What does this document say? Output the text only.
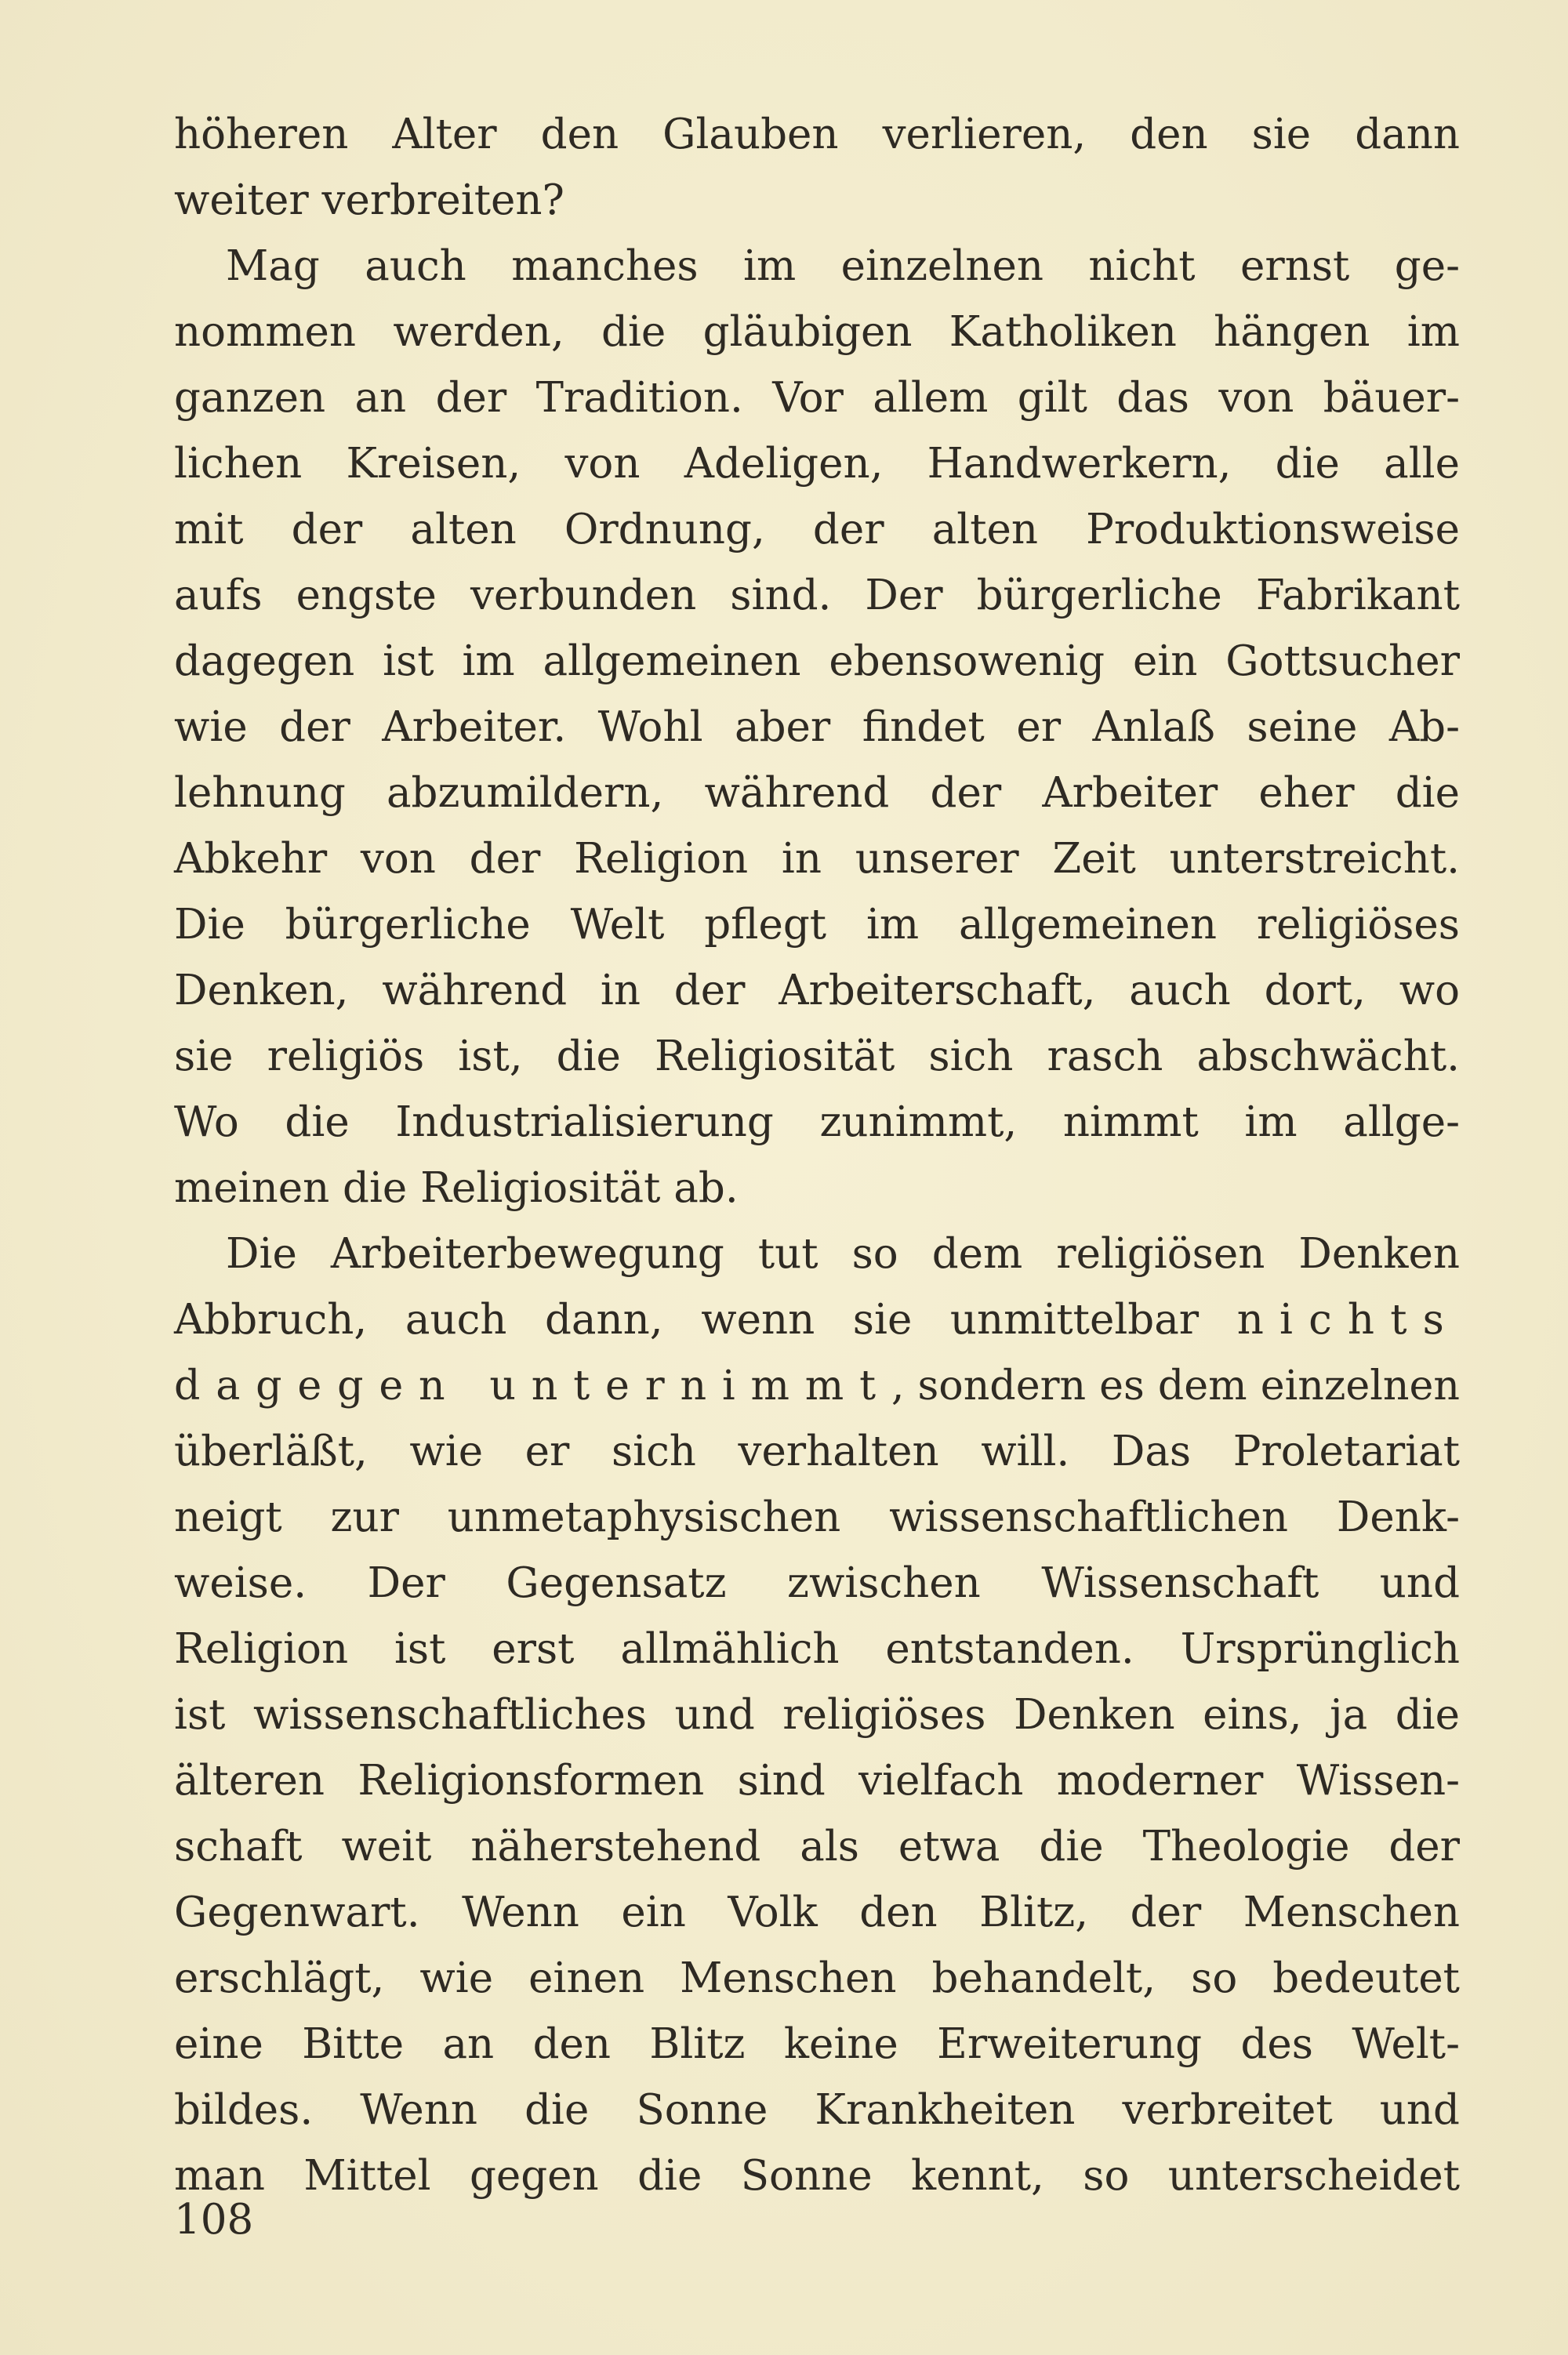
höheren Alter den Glauben verlieren, den sie dann
weiter verbreiten?
Mag auch manches im einzelnen nicht ernst ge-
nommen werden, die gläubigen Katholiken hängen im
ganzen an der Tradition. Vor allem gilt das von bäuer-
lichen Kreisen, von Adeligen, Handwerkern, die alle
mit der alten Ordnung, der alten Produktionsweise
aufs engste verbunden sind. Der bürgerliche Fabrikant
dagegen ist im allgemeinen ebensowenig ein Gottsucher
wie der Arbeiter. Wohl aber findet er Anlaß seine Ab-
lehnung abzumildern, während der Arbeiter eher die
Abkehr von der Religion in unserer Zeit unterstreicht.
Die bürgerliche Welt pflegt im allgemeinen religiöses
Denken, während in der Arbeiterschaft, auch dort, wo
sie religiös ist, die Religiosität sich rasch abschwächt.
Wo die Industrialisierung zunimmt, nimmt im allge-
meinen die Religiosität ab.
Die Arbeiterbewegung tut so dem religiösen Denken
Abbruch, auch dann, wenn sie unmittelbar nichts
dagegen unternimmt, sondern es dem einzelnen
überläßt, wie er sich verhalten will. Das Proletariat
neigt zur unmetaphysischen wissenschaftlichen Denk-
weise. Der Gegensatz zwischen Wissenschaft und
Religion ist erst allmählich entstanden. Ursprünglich
ist wissenschaftliches und religiöses Denken eins, ja die
älteren Religionsformen sind vielfach moderner Wissen-
schaft weit näherstehend als etwa die Theologie der
Gegenwart. Wenn ein Volk den Blitz, der Menschen
erschlägt, wie einen Menschen behandelt, so bedeutet
eine Bitte an den Blitz keine Erweiterung des Welt-
bildes. Wenn die Sonne Krankheiten verbreitet und
man Mittel gegen die Sonne kennt, so unterscheidet
108
